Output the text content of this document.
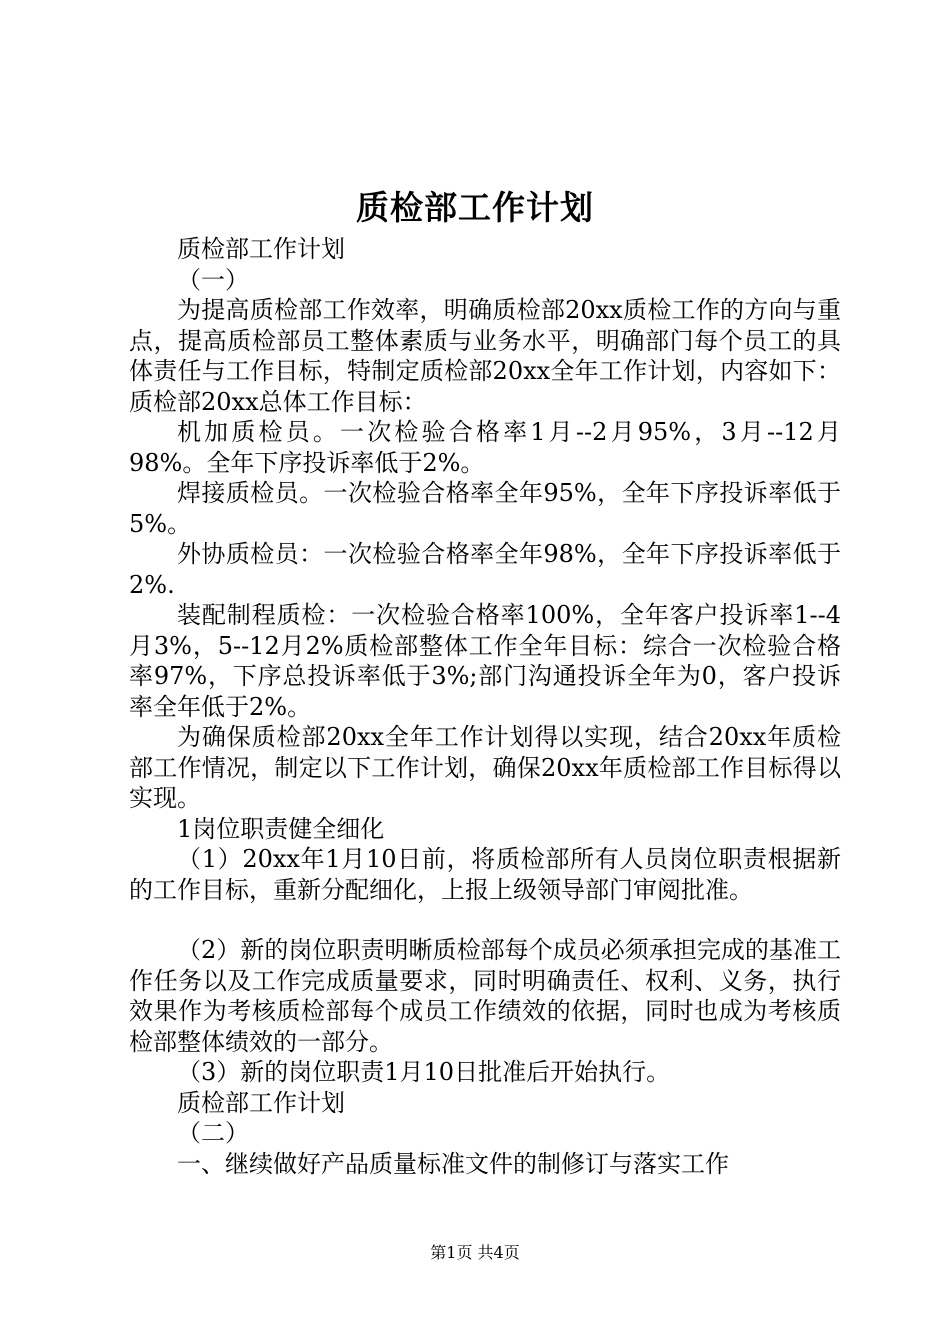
质检部工作计划

质检部工作计划

（一）

为提高质检部工作效率，明确质检部20xx质检工作的方向与重点，提高质检部员工整体素质与业务水平，明确部门每个员工的具体责任与工作目标，特制定质检部20xx全年工作计划，内容如下：质检部20xx总体工作目标：

机加质检员。一次检验合格率1月--2月95%，3月--12月98%。全年下序投诉率低于2%。

焊接质检员。一次检验合格率全年95%，全年下序投诉率低于5%。

外协质检员：一次检验合格率全年98%，全年下序投诉率低于2%.

装配制程质检：一次检验合格率100%，全年客户投诉率1--4月3%，5--12月2%质检部整体工作全年目标：综合一次检验合格率97%，下序总投诉率低于3%;部门沟通投诉全年为0，客户投诉率全年低于2%。

为确保质检部20xx全年工作计划得以实现，结合20xx年质检部工作情况，制定以下工作计划，确保20xx年质检部工作目标得以实现。

1岗位职责健全细化

（1）20xx年1月10日前，将质检部所有人员岗位职责根据新的工作目标，重新分配细化，上报上级领导部门审阅批准。

（2）新的岗位职责明晰质检部每个成员必须承担完成的基准工作任务以及工作完成质量要求，同时明确责任、权利、义务，执行效果作为考核质检部每个成员工作绩效的依据，同时也成为考核质检部整体绩效的一部分。

（3）新的岗位职责1月10日批准后开始执行。

质检部工作计划

（二）

一、继续做好产品质量标准文件的制修订与落实工作

第1页 共4页
